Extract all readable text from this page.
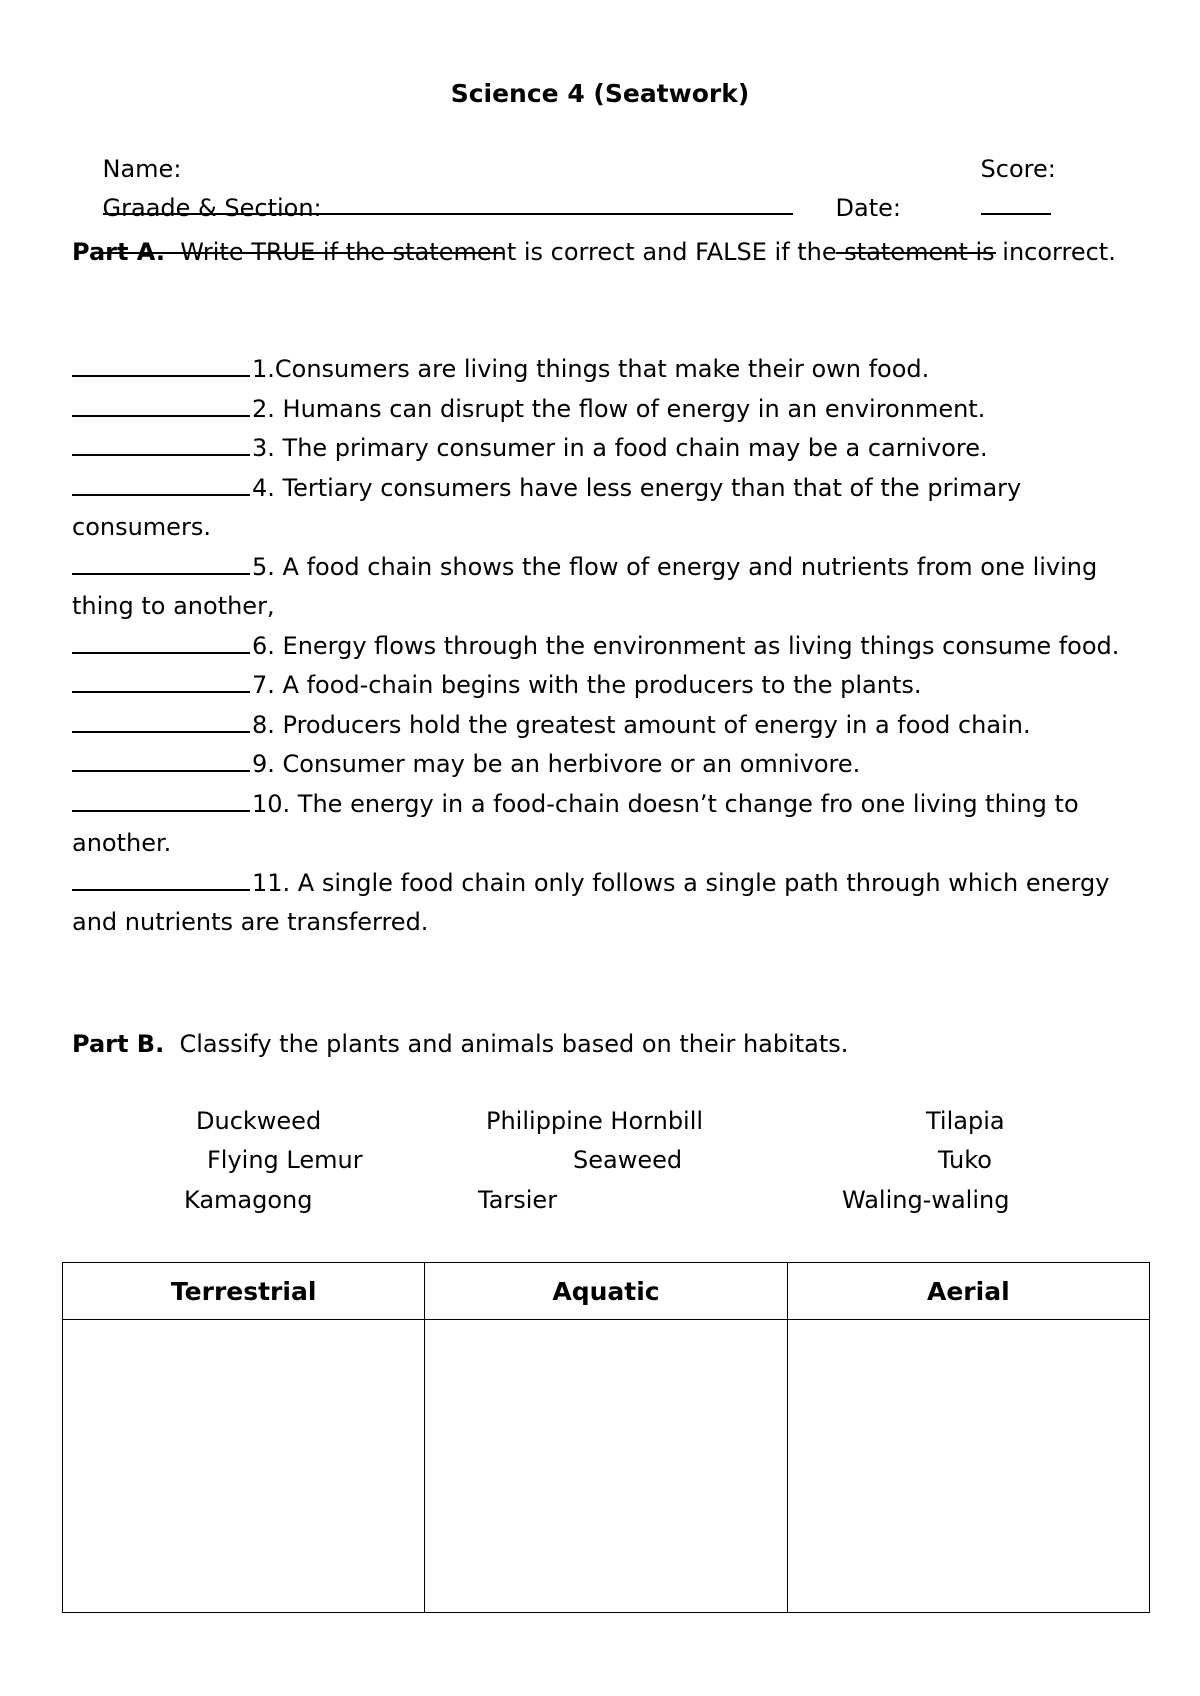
Science 4 (Seatwork)

Name:

	Score:

Graade & Section:

	Date:

Part A. Write TRUE if the statement is correct and FALSE if the statement is incorrect.
1.Consumers are living things that make their own food.
2. Humans can disrupt the flow of energy in an environment.
3. The primary consumer in a food chain may be a carnivore.
4. Tertiary consumers have less energy than that of the primary consumers.
5. A food chain shows the flow of energy and nutrients from one living thing to another,
6. Energy flows through the environment as living things consume food.
7. A food-chain begins with the producers to the plants.
8. Producers hold the greatest amount of energy in a food chain.
9. Consumer may be an herbivore or an omnivore.
10. The energy in a food-chain doesn’t change fro one living thing to another.
11. A single food chain only follows a single path through which energy and nutrients are transferred.
Part B. Classify the plants and animals based on their habitats.
Duckweed	Philippine Hornbill	Tilapia
Flying Lemur	Seaweed	Tuko
Kamagong	Tarsier	Waling-waling
Terrestrial	Aquatic	Aerial
